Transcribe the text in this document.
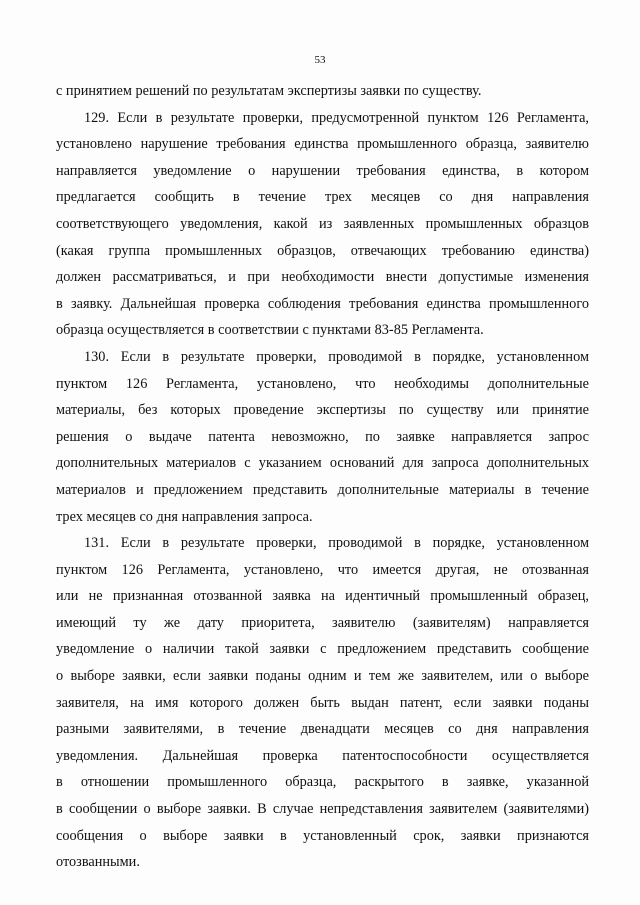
53
с принятием решений по результатам экспертизы заявки по существу.
129. Если в результате проверки, предусмотренной пунктом 126 Регламента,
установлено нарушение требования единства промышленного образца, заявителю
направляется уведомление о нарушении требования единства, в котором
предлагается сообщить в течение трех месяцев со дня направления
соответствующего уведомления, какой из заявленных промышленных образцов
(какая группа промышленных образцов, отвечающих требованию единства)
должен рассматриваться, и при необходимости внести допустимые изменения
в заявку. Дальнейшая проверка соблюдения требования единства промышленного
образца осуществляется в соответствии с пунктами 83-85 Регламента.
130. Если в результате проверки, проводимой в порядке, установленном
пунктом 126 Регламента, установлено, что необходимы дополнительные
материалы, без которых проведение экспертизы по существу или принятие
решения о выдаче патента невозможно, по заявке направляется запрос
дополнительных материалов с указанием оснований для запроса дополнительных
материалов и предложением представить дополнительные материалы в течение
трех месяцев со дня направления запроса.
131. Если в результате проверки, проводимой в порядке, установленном
пунктом 126 Регламента, установлено, что имеется другая, не отозванная
или не признанная отозванной заявка на идентичный промышленный образец,
имеющий ту же дату приоритета, заявителю (заявителям) направляется
уведомление о наличии такой заявки с предложением представить сообщение
о выборе заявки, если заявки поданы одним и тем же заявителем, или о выборе
заявителя, на имя которого должен быть выдан патент, если заявки поданы
разными заявителями, в течение двенадцати месяцев со дня направления
уведомления. Дальнейшая проверка патентоспособности осуществляется
в отношении промышленного образца, раскрытого в заявке, указанной
в сообщении о выборе заявки. В случае непредставления заявителем (заявителями)
сообщения о выборе заявки в установленный срок, заявки признаются
отозванными.
